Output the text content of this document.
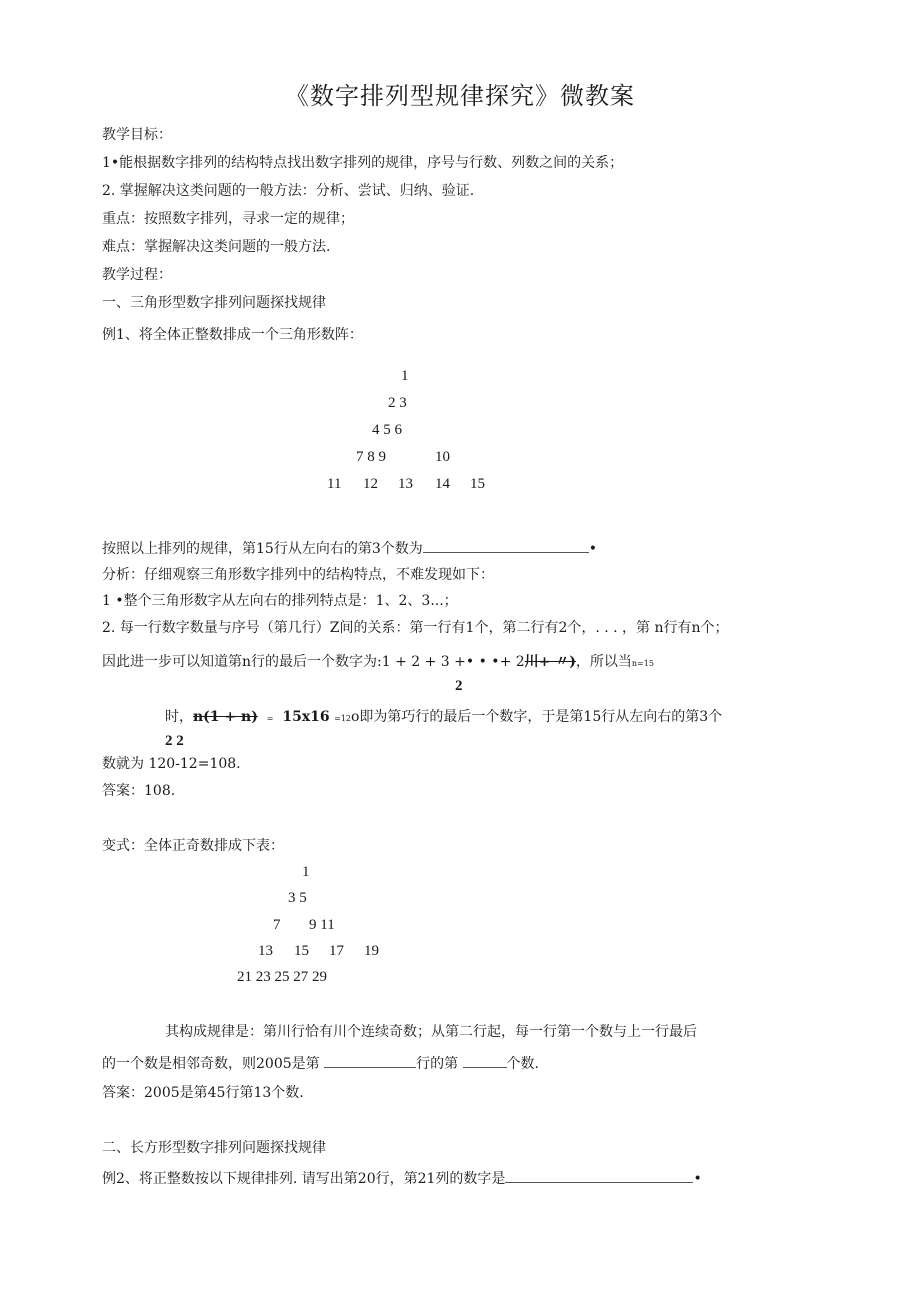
《数字排列型规律探究》微教案
教学目标：
1•能根据数字排列的结构特点找出数字排列的规律，序号与行数、列数之间的关系；
2. 掌握解决这类问题的一般方法：分析、尝试、归纳、验证.
重点：按照数字排列，寻求一定的规律；
难点：掌握解决这类问题的一般方法.
教学过程：
一、三角形型数字排列问题探找规律
例1、将全体正整数排成一个三角形数阵：
1
2 3
4 5 6
7 8 9	10
11 12 13 14 15
按照以上排列的规律，第15行从左向右的第3个数为	•
分析：仔细观察三角形数字排列中的结构特点，不难发现如下：
1 •整个三角形数字从左向右的排列特点是：1、2、3...；
2. 每一行数字数量与序号（第几行）Z间的关系：第一行有1个，第二行有2个，. . . ，第 n行有n个；
因此进一步可以知道第n行的最后一个数字为:1 + 2 + 3 +• • •+ 2川+ 〃)，所以当n=15
2
时，n(1 + n) = 15x16 =12o即为第巧行的最后一个数字，于是第15行从左向右的第3个
2 2
数就为 120-12=108.
答案：108.
变式：全体正奇数排成下表：
1
3 5
7 9 11
13 15 17 19
21 23 25 27 29
其构成规律是：第川行恰有川个连续奇数；从第二行起，每一行第一个数与上一行最后
的一个数是相邻奇数，则2005是第	行的第	个数.
答案：2005是第45行第13个数.
二、长方形型数字排列问题探找规律
例2、将正整数按以下规律排列. 请写出第20行，第21列的数字是	•
